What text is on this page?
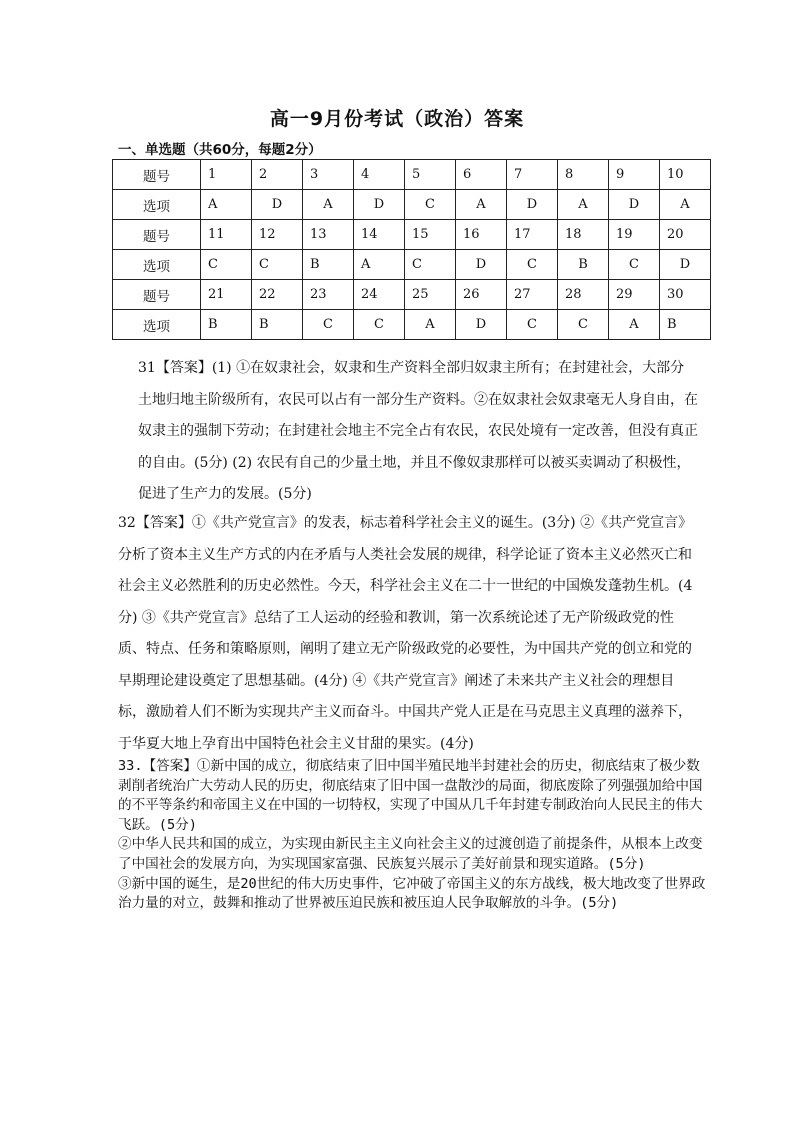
高一9月份考试（政治）答案
一、单选题（共60分，每题2分）
题号	1	2	3	4	5	6	7	8	9	10
选项	A	D	A	D	C	A	D	A	D	A
题号	11	12	13	14	15	16	17	18	19	20
选项	C	C	B	A	C	D	C	B	C	D
题号	21	22	23	24	25	26	27	28	29	30
选项	B	B	C	C	A	D	C	C	A	B
31【答案】(1) ①在奴隶社会，奴隶和生产资料全部归奴隶主所有；在封建社会，大部分土地归地主阶级所有，农民可以占有一部分生产资料。②在奴隶社会奴隶毫无人身自由，在奴隶主的强制下劳动；在封建社会地主不完全占有农民，农民处境有一定改善，但没有真正的自由。(5分) (2) 农民有自己的少量土地，并且不像奴隶那样可以被买卖调动了积极性，促进了生产力的发展。(5分)
32【答案】①《共产党宣言》的发表，标志着科学社会主义的诞生。(3分) ②《共产党宣言》分析了资本主义生产方式的内在矛盾与人类社会发展的规律，科学论证了资本主义必然灭亡和社会主义必然胜利的历史必然性。今天，科学社会主义在二十一世纪的中国焕发蓬勃生机。(4分) ③《共产党宣言》总结了工人运动的经验和教训，第一次系统论述了无产阶级政党的性质、特点、任务和策略原则，阐明了建立无产阶级政党的必要性，为中国共产党的创立和党的早期理论建设奠定了思想基础。(4分) ④《共产党宣言》阐述了未来共产主义社会的理想目标，激励着人们不断为实现共产主义而奋斗。中国共产党人正是在马克思主义真理的滋养下，于华夏大地上孕育出中国特色社会主义甘甜的果实。(4分)

33.【答案】①新中国的成立，彻底结束了旧中国半殖民地半封建社会的历史，彻底结束了极少数剥削者统治广大劳动人民的历史，彻底结束了旧中国一盘散沙的局面，彻底废除了列强强加给中国的不平等条约和帝国主义在中国的一切特权，实现了中国从几千年封建专制政治向人民民主的伟大飞跃。(5分)

②中华人民共和国的成立，为实现由新民主主义向社会主义的过渡创造了前提条件，从根本上改变了中国社会的发展方向，为实现国家富强、民族复兴展示了美好前景和现实道路。(5分)

③新中国的诞生，是20世纪的伟大历史事件，它冲破了帝国主义的东方战线，极大地改变了世界政治力量的对立，鼓舞和推动了世界被压迫民族和被压迫人民争取解放的斗争。(5分)
